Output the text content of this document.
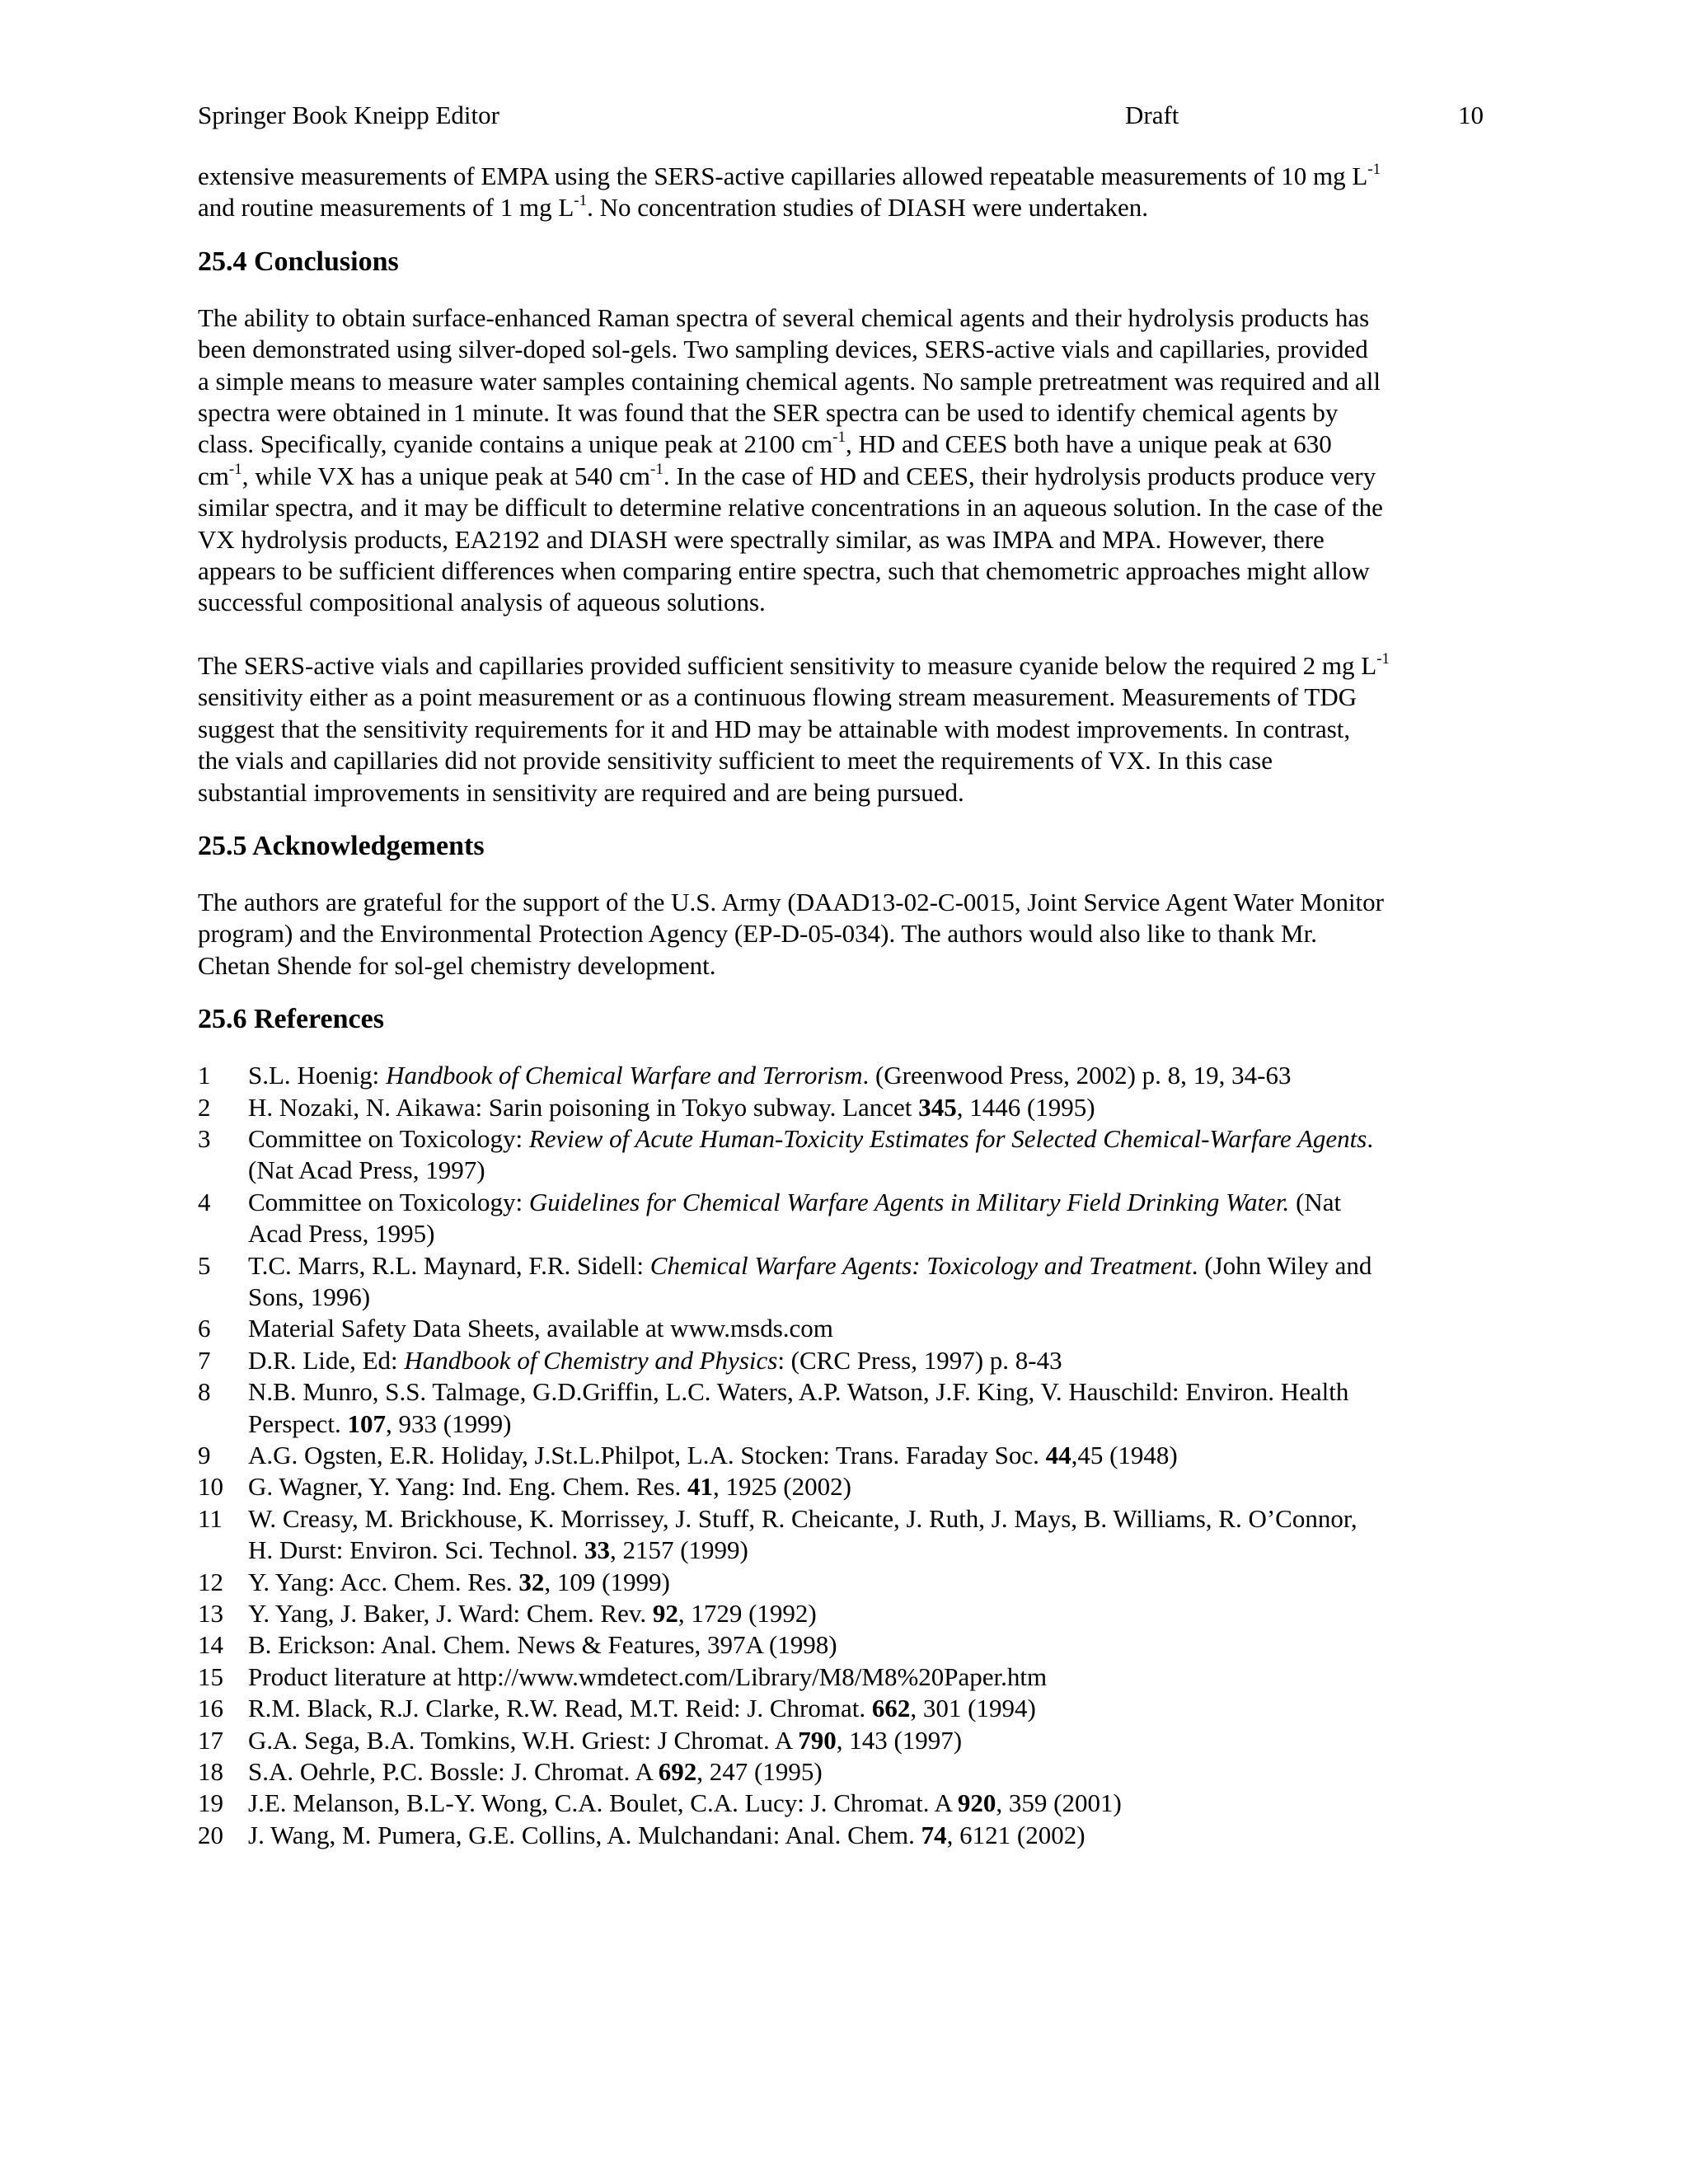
Springer Book Kneipp Editor	Draft	10

extensive measurements of EMPA using the SERS-active capillaries allowed repeatable measurements of 10 mg $L^{-1}$
and routine measurements of 1 mg $L^{-1}$. No concentration studies of DIASH were undertaken.

25.4 Conclusions

The ability to obtain surface-enhanced Raman spectra of several chemical agents and their hydrolysis products has
been demonstrated using silver-doped sol-gels. Two sampling devices, SERS-active vials and capillaries, provided
a simple means to measure water samples containing chemical agents. No sample pretreatment was required and all
spectra were obtained in 1 minute. It was found that the SER spectra can be used to identify chemical agents by
class. Specifically, cyanide contains a unique peak at 2100 $cm^{-1}$, HD and CEES both have a unique peak at 630
$cm^{-1}$, while VX has a unique peak at 540 $cm^{-1}$. In the case of HD and CEES, their hydrolysis products produce very
similar spectra, and it may be difficult to determine relative concentrations in an aqueous solution. In the case of the
VX hydrolysis products, EA2192 and DIASH were spectrally similar, as was IMPA and MPA. However, there
appears to be sufficient differences when comparing entire spectra, such that chemometric approaches might allow
successful compositional analysis of aqueous solutions.

The SERS-active vials and capillaries provided sufficient sensitivity to measure cyanide below the required 2 mg $L^{-1}$
sensitivity either as a point measurement or as a continuous flowing stream measurement. Measurements of TDG
suggest that the sensitivity requirements for it and HD may be attainable with modest improvements. In contrast,
the vials and capillaries did not provide sensitivity sufficient to meet the requirements of VX. In this case
substantial improvements in sensitivity are required and are being pursued.

25.5 Acknowledgements

The authors are grateful for the support of the U.S. Army (DAAD13-02-C-0015, Joint Service Agent Water Monitor
program) and the Environmental Protection Agency (EP-D-05-034). The authors would also like to thank Mr.
Chetan Shende for sol-gel chemistry development.

25.6 References
1 S.L. Hoenig: Handbook of Chemical Warfare and Terrorism. (Greenwood Press, 2002) p. 8, 19, 34-63
2 H. Nozaki, N. Aikawa: Sarin poisoning in Tokyo subway. Lancet 345, 1446 (1995)
3 Committee on Toxicology: Review of Acute Human-Toxicity Estimates for Selected Chemical-Warfare Agents.
(Nat Acad Press, 1997)
4 Committee on Toxicology: Guidelines for Chemical Warfare Agents in Military Field Drinking Water. (Nat
Acad Press, 1995)
5 T.C. Marrs, R.L. Maynard, F.R. Sidell: Chemical Warfare Agents: Toxicology and Treatment. (John Wiley and
Sons, 1996)
6 Material Safety Data Sheets, available at www.msds.com
7 D.R. Lide, Ed: Handbook of Chemistry and Physics: (CRC Press, 1997) p. 8-43
8 N.B. Munro, S.S. Talmage, G.D.Griffin, L.C. Waters, A.P. Watson, J.F. King, V. Hauschild: Environ. Health
Perspect. 107, 933 (1999)
9 A.G. Ogsten, E.R. Holiday, J.St.L.Philpot, L.A. Stocken: Trans. Faraday Soc. 44,45 (1948)
10 G. Wagner, Y. Yang: Ind. Eng. Chem. Res. 41, 1925 (2002)
11 W. Creasy, M. Brickhouse, K. Morrissey, J. Stuff, R. Cheicante, J. Ruth, J. Mays, B. Williams, R. O’Connor,
H. Durst: Environ. Sci. Technol. 33, 2157 (1999)
12 Y. Yang: Acc. Chem. Res. 32, 109 (1999)
13 Y. Yang, J. Baker, J. Ward: Chem. Rev. 92, 1729 (1992)
14 B. Erickson: Anal. Chem. News & Features, 397A (1998)
15 Product literature at http://www.wmdetect.com/Library/M8/M8%20Paper.htm
16 R.M. Black, R.J. Clarke, R.W. Read, M.T. Reid: J. Chromat. 662, 301 (1994)
17 G.A. Sega, B.A. Tomkins, W.H. Griest: J Chromat. A 790, 143 (1997)
18 S.A. Oehrle, P.C. Bossle: J. Chromat. A 692, 247 (1995)
19 J.E. Melanson, B.L-Y. Wong, C.A. Boulet, C.A. Lucy: J. Chromat. A 920, 359 (2001)
20 J. Wang, M. Pumera, G.E. Collins, A. Mulchandani: Anal. Chem. 74, 6121 (2002)
